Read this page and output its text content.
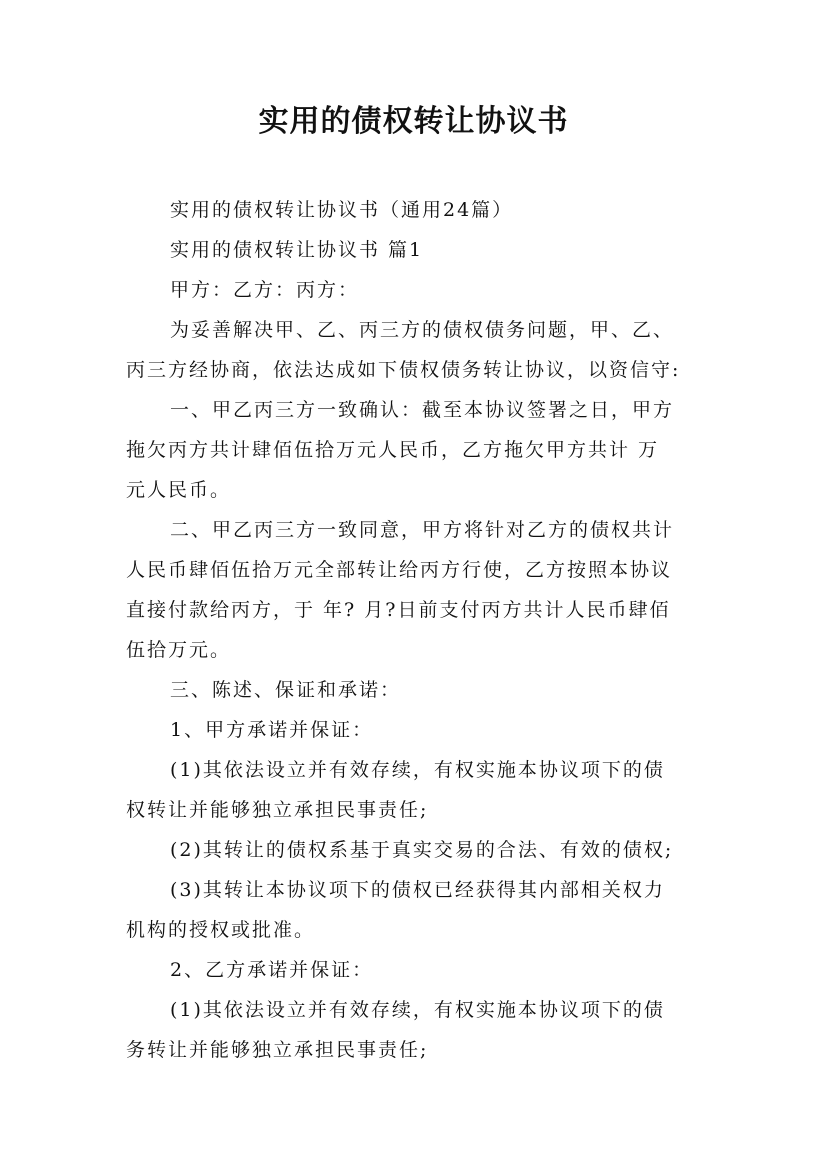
实用的债权转让协议书
实用的债权转让协议书（通用24篇）
实用的债权转让协议书 篇1
甲方：乙方：丙方：
为妥善解决甲、乙、丙三方的债权债务问题，甲、乙、
丙三方经协商，依法达成如下债权债务转让协议，以资信守:
一、甲乙丙三方一致确认：截至本协议签署之日，甲方
拖欠丙方共计肆佰伍拾万元人民币，乙方拖欠甲方共计 万
元人民币。
二、甲乙丙三方一致同意，甲方将针对乙方的债权共计
人民币肆佰伍拾万元全部转让给丙方行使，乙方按照本协议
直接付款给丙方，于 年? 月?日前支付丙方共计人民币肆佰
伍拾万元。
三、陈述、保证和承诺：
1、甲方承诺并保证：
(1)其依法设立并有效存续，有权实施本协议项下的债
权转让并能够独立承担民事责任;
(2)其转让的债权系基于真实交易的合法、有效的债权;
(3)其转让本协议项下的债权已经获得其内部相关权力
机构的授权或批准。
2、乙方承诺并保证：
(1)其依法设立并有效存续，有权实施本协议项下的债
务转让并能够独立承担民事责任;
